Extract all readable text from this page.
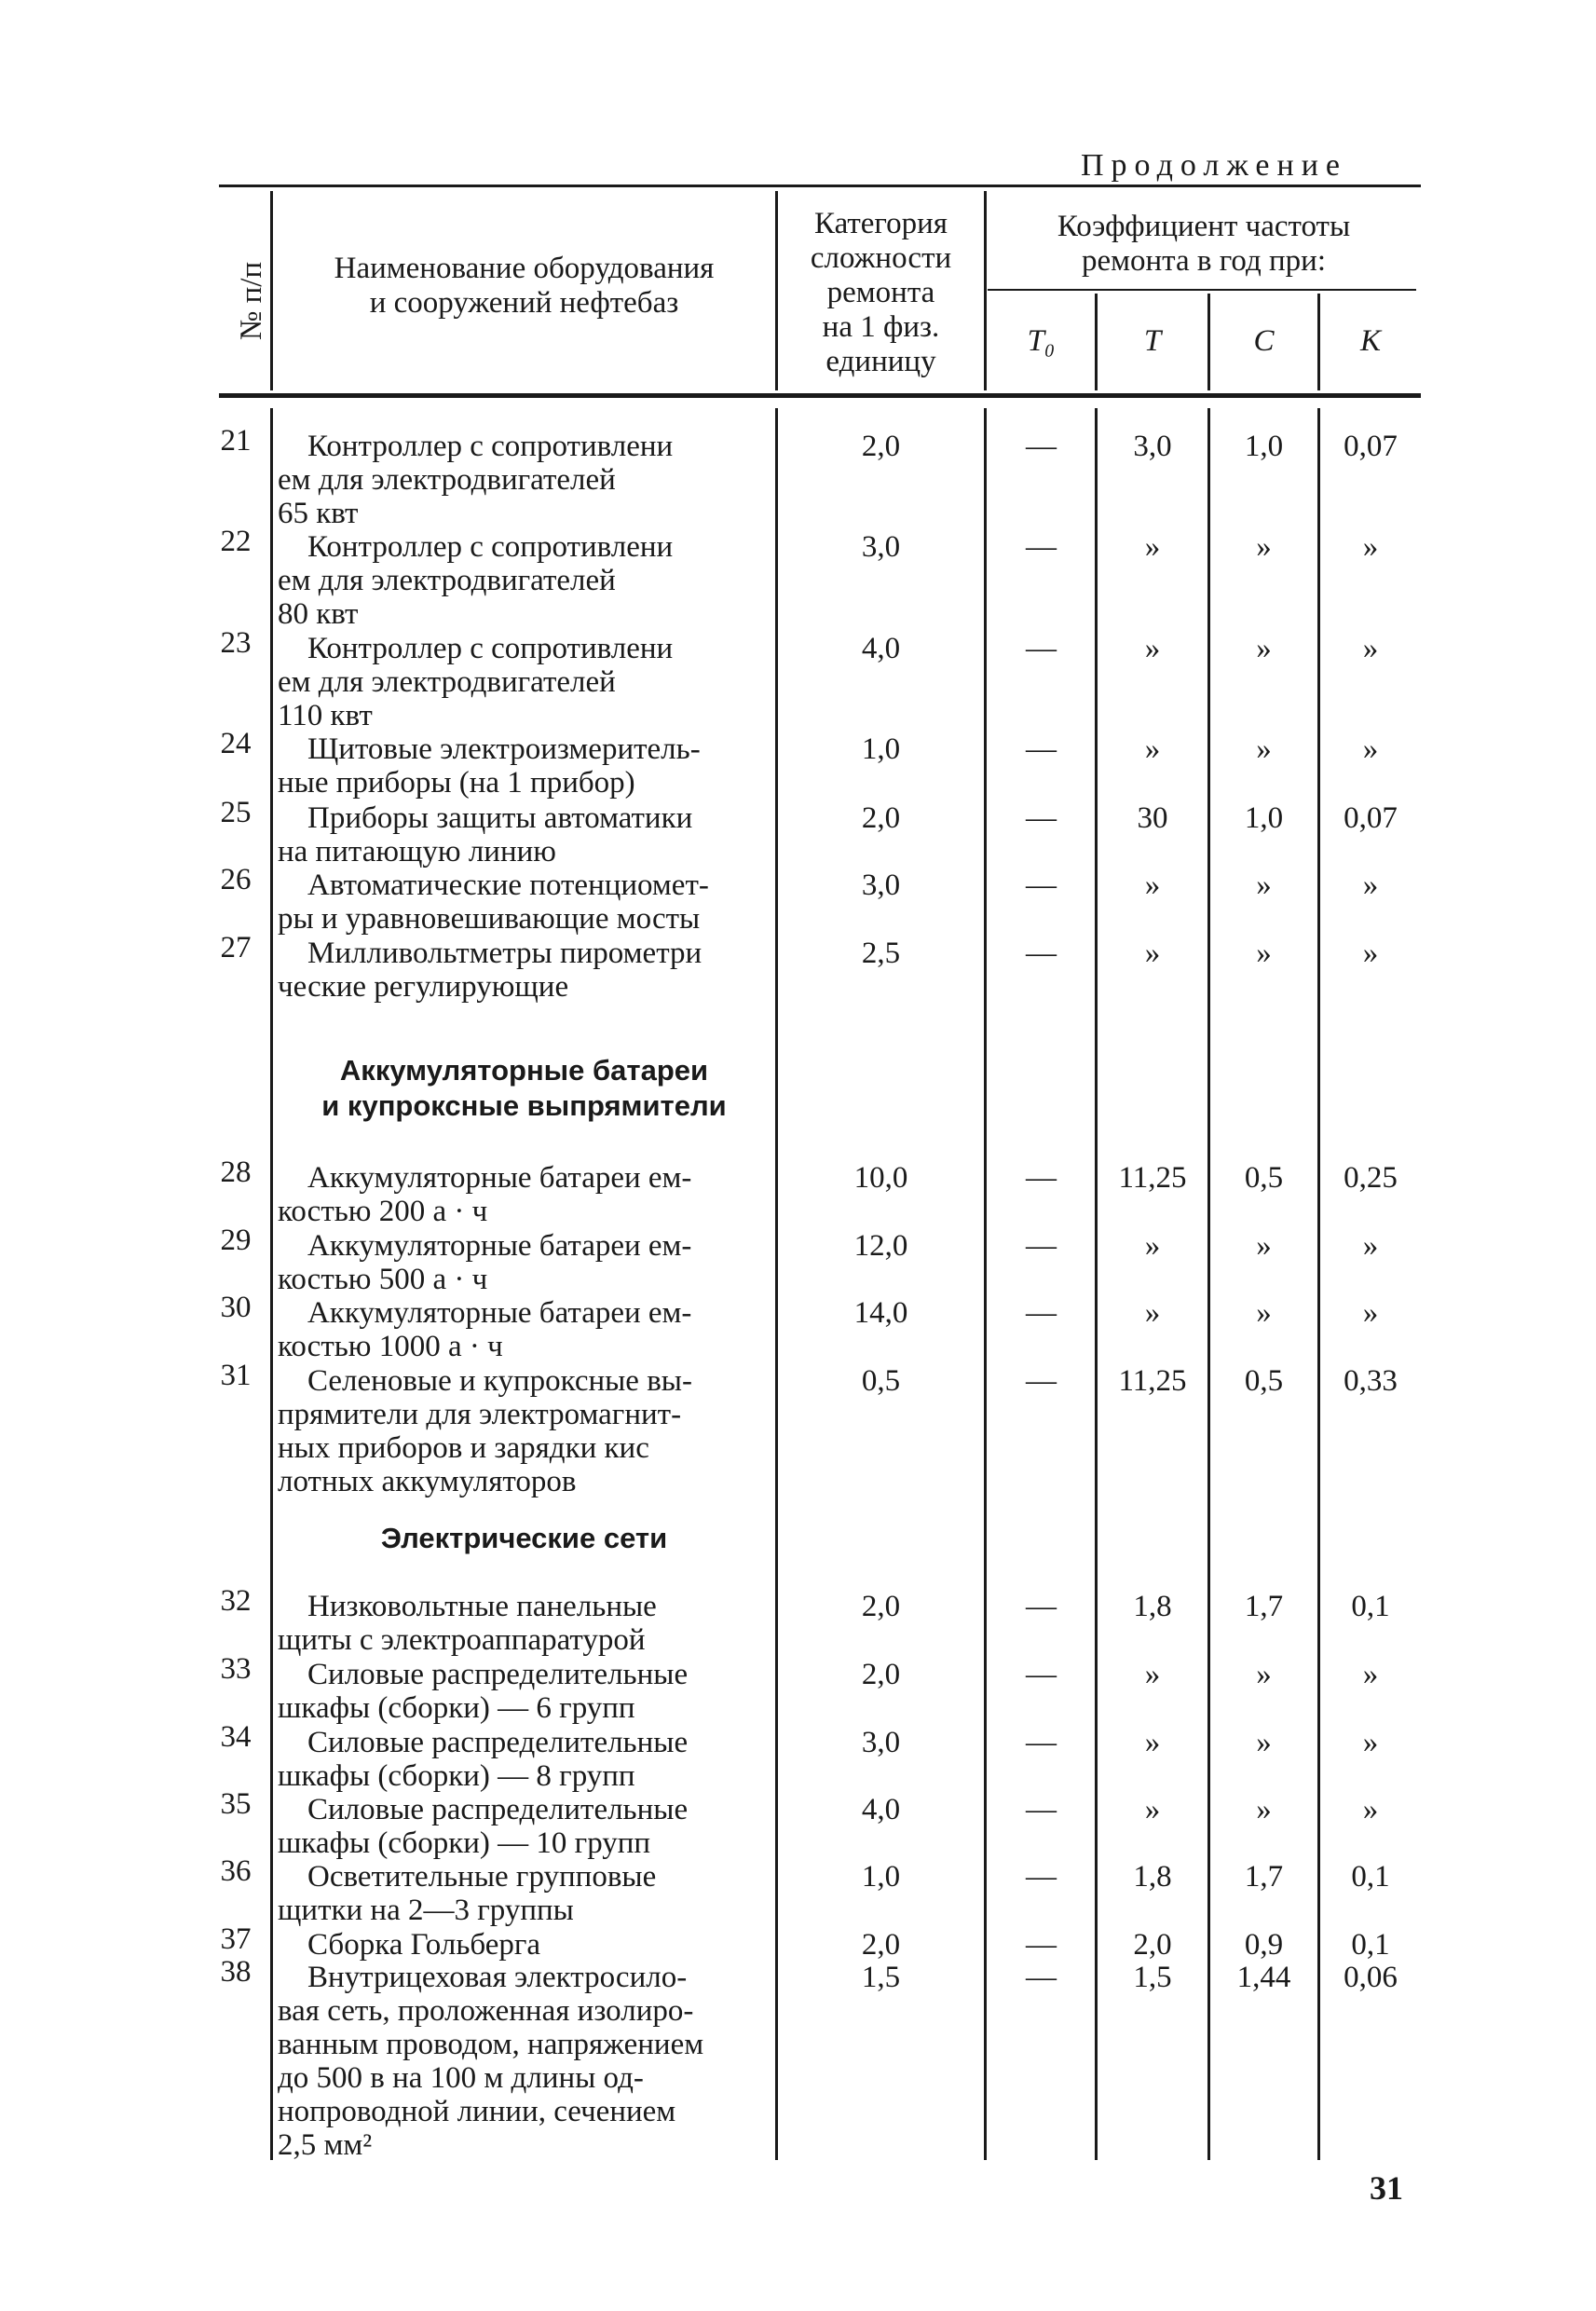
Продолжение
№ п/п	Наименование оборудования
и сооружений нефтебаз
Категория
сложности
ремонта
на 1 физ.
единицу
Коэффициент частоты
ремонта в год при:
T₀	T	C	K
Аккумуляторные батареи
и купроксные выпрямители
Электрические сети
21	Контроллер с сопротивлени
ем для электродвигателей
65 квт
2,0	—	3,0	1,0	0,07
22	Контроллер с сопротивлени
ем для электродвигателей
80 квт
3,0	—	»	»	»
23	Контроллер с сопротивлени
ем для электродвигателей
110 квт
4,0	—	»	»	»
24	Щитовые электроизмеритель-
ные приборы (на 1 прибор)
1,0	—	»	»	»
25	Приборы защиты автоматики
на питающую линию
2,0	—	30	1,0	0,07
26	Автоматические потенциомет-
ры и уравновешивающие мосты
3,0	—	»	»	»
27	Милливольтметры пирометри
ческие регулирующие
2,5	—	»	»	»
28	Аккумуляторные батареи ем-
костью 200 а · ч
10,0	—	11,25	0,5	0,25
29	Аккумуляторные батареи ем-
костью 500 а · ч
12,0	—	»	»	»
30	Аккумуляторные батареи ем-
костью 1000 а · ч
14,0	—	»	»	»
31	Селеновые и купроксные вы-
прямители для электромагнит-
ных приборов и зарядки кис
лотных аккумуляторов
0,5	—	11,25	0,5	0,33
32	Низковольтные панельные
щиты с электроаппаратурой
2,0	—	1,8	1,7	0,1
33	Силовые распределительные
шкафы (сборки) — 6 групп
2,0	—	»	»	»
34	Силовые распределительные
шкафы (сборки) — 8 групп
3,0	—	»	»	»
35	Силовые распределительные
шкафы (сборки) — 10 групп
4,0	—	»	»	»
36	Осветительные групповые
щитки на 2—3 группы
1,0	—	1,8	1,7	0,1
37	Сборка Гольберга	2,0	—	2,0	0,9	0,1
38	Внутрицеховая электросило-
вая сеть, проложенная изолиро-
ванным проводом, напряжением
до 500 в на 100 м длины од-
нопроводной линии, сечением
2,5 мм²
1,5	—	1,5	1,44	0,06
31
